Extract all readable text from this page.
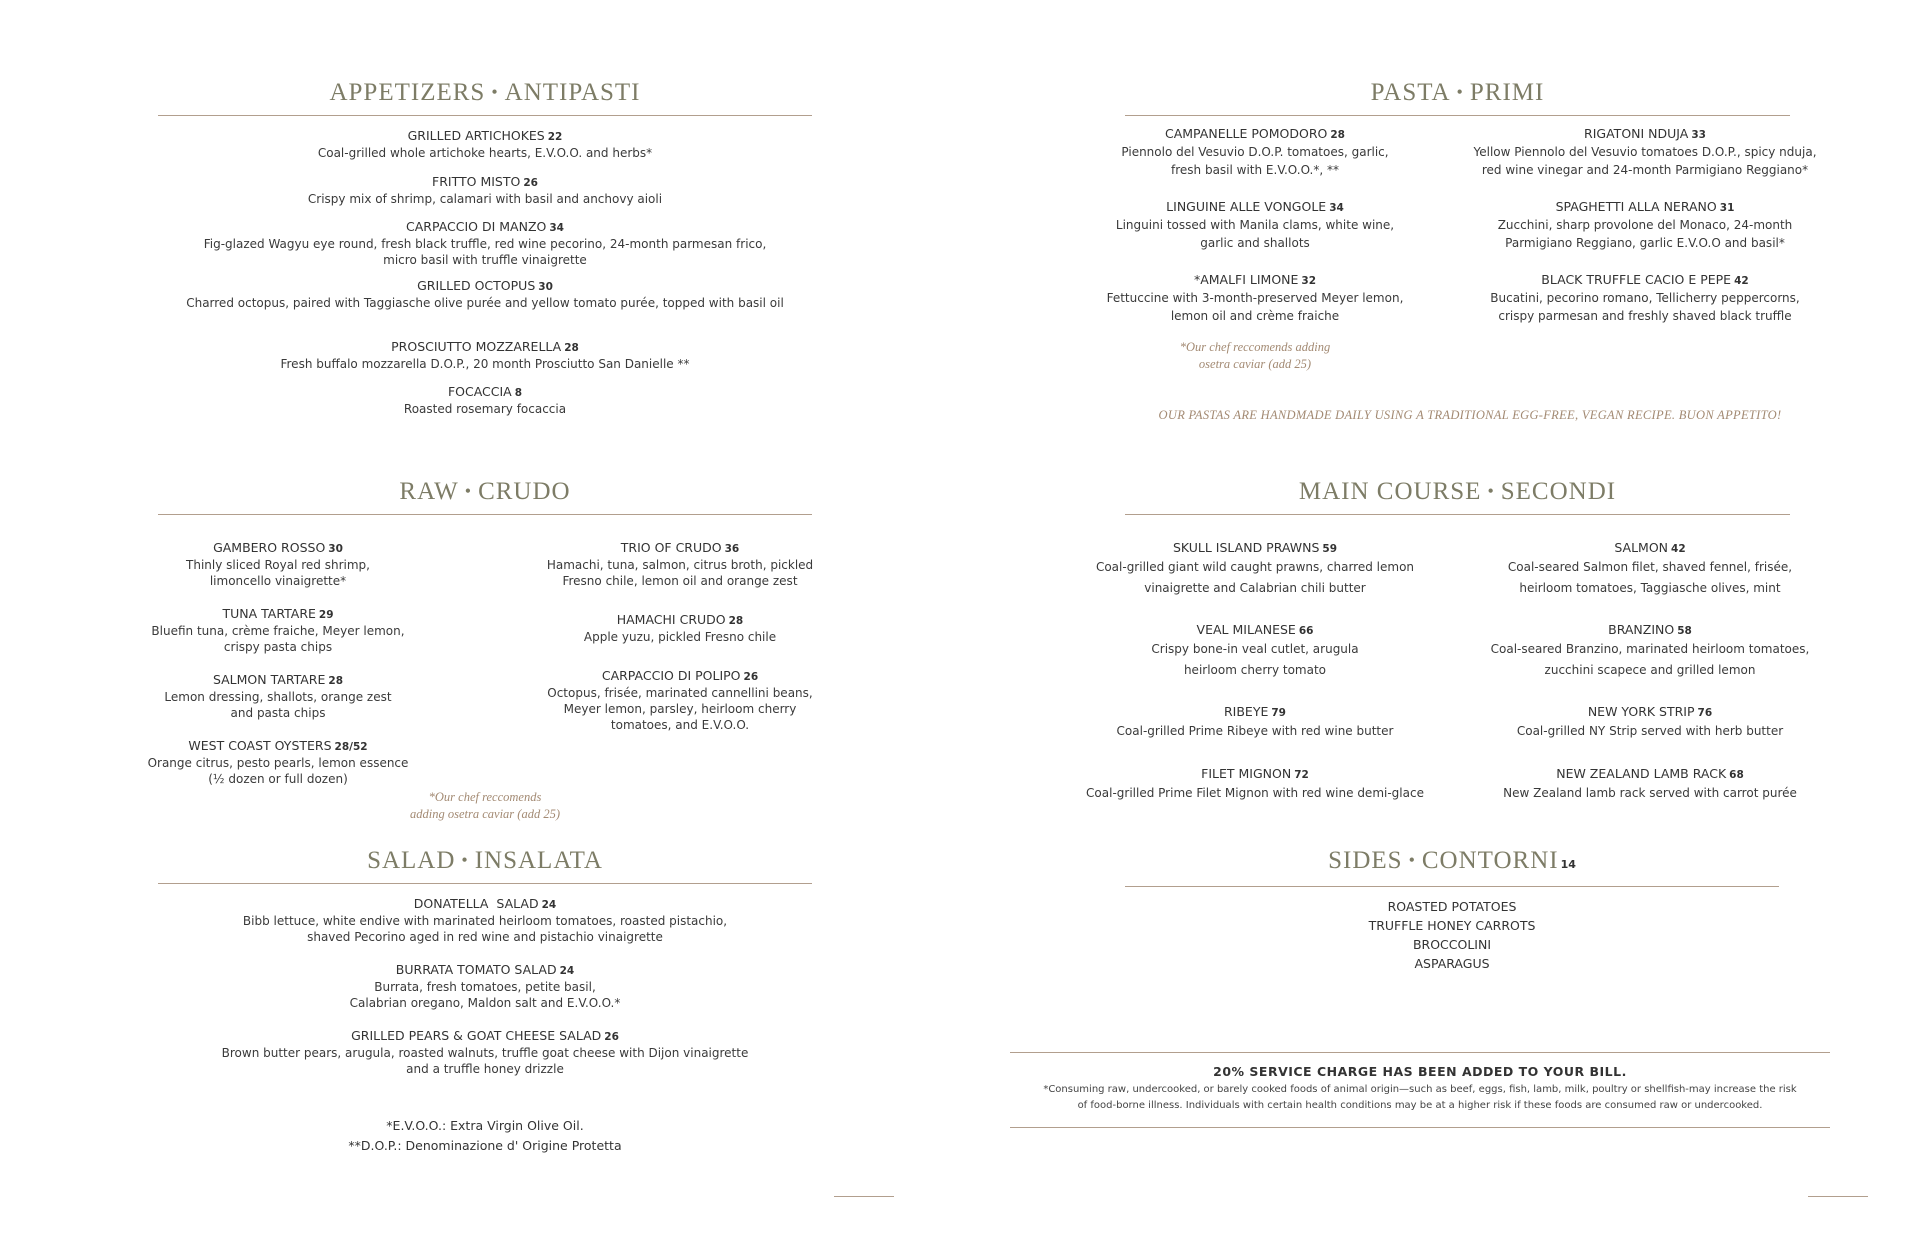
APPETIZERS • ANTIPASTI
GRILLED ARTICHOKES 22
Coal-grilled whole artichoke hearts, E.V.O.O. and herbs*
FRITTO MISTO 26
Crispy mix of shrimp, calamari with basil and anchovy aioli
CARPACCIO DI MANZO 34
Fig-glazed Wagyu eye round, fresh black truffle, red wine pecorino, 24-month parmesan frico,
micro basil with truffle vinaigrette
GRILLED OCTOPUS 30
Charred octopus, paired with Taggiasche olive purée and yellow tomato purée, topped with basil oil
PROSCIUTTO MOZZARELLA 28
Fresh buffalo mozzarella D.O.P., 20 month Prosciutto San Danielle **
FOCACCIA 8
Roasted rosemary focaccia
RAW • CRUDO
GAMBERO ROSSO 30
Thinly sliced Royal red shrimp,
limoncello vinaigrette*
TUNA TARTARE 29
Bluefin tuna, crème fraiche, Meyer lemon,
crispy pasta chips
SALMON TARTARE 28
Lemon dressing, shallots, orange zest
and pasta chips
WEST COAST OYSTERS 28/52
Orange citrus, pesto pearls, lemon essence
(½ dozen or full dozen)
*Our chef reccomends
adding osetra caviar (add 25)
TRIO OF CRUDO 36
Hamachi, tuna, salmon, citrus broth, pickled
Fresno chile, lemon oil and orange zest
HAMACHI CRUDO 28
Apple yuzu, pickled Fresno chile
CARPACCIO DI POLIPO 26
Octopus, frisée, marinated cannellini beans,
Meyer lemon, parsley, heirloom cherry
tomatoes, and E.V.O.O.
SALAD • INSALATA
DONATELLA  SALAD 24
Bibb lettuce, white endive with marinated heirloom tomatoes, roasted pistachio,
shaved Pecorino aged in red wine and pistachio vinaigrette
BURRATA TOMATO SALAD 24
Burrata, fresh tomatoes, petite basil,
Calabrian oregano, Maldon salt and E.V.O.O.*
GRILLED PEARS & GOAT CHEESE SALAD 26
Brown butter pears, arugula, roasted walnuts, truffle goat cheese with Dijon vinaigrette
and a truffle honey drizzle
*E.V.O.O.: Extra Virgin Olive Oil.
**D.O.P.: Denominazione d' Origine Protetta
PASTA • PRIMI
CAMPANELLE POMODORO 28
Piennolo del Vesuvio D.O.P. tomatoes, garlic,
fresh basil with E.V.O.O.*, **
LINGUINE ALLE VONGOLE 34
Linguini tossed with Manila clams, white wine,
garlic and shallots
*AMALFI LIMONE 32
Fettuccine with 3-month-preserved Meyer lemon,
lemon oil and crème fraiche
*Our chef reccomends adding
osetra caviar (add 25)
RIGATONI NDUJA 33
Yellow Piennolo del Vesuvio tomatoes D.O.P., spicy nduja,
red wine vinegar and 24-month Parmigiano Reggiano*
SPAGHETTI ALLA NERANO 31
Zucchini, sharp provolone del Monaco, 24-month
Parmigiano Reggiano, garlic E.V.O.O and basil*
BLACK TRUFFLE CACIO E PEPE 42
Bucatini, pecorino romano, Tellicherry peppercorns,
crispy parmesan and freshly shaved black truffle
OUR PASTAS ARE HANDMADE DAILY USING A TRADITIONAL EGG-FREE, VEGAN RECIPE. BUON APPETITO!
MAIN COURSE • SECONDI
SKULL ISLAND PRAWNS 59
Coal-grilled giant wild caught prawns, charred lemon
vinaigrette and Calabrian chili butter
VEAL MILANESE 66
Crispy bone-in veal cutlet, arugula
heirloom cherry tomato
RIBEYE 79
Coal-grilled Prime Ribeye with red wine butter
FILET MIGNON 72
Coal-grilled Prime Filet Mignon with red wine demi-glace
SALMON 42
Coal-seared Salmon filet, shaved fennel, frisée,
heirloom tomatoes, Taggiasche olives, mint
BRANZINO 58
Coal-seared Branzino, marinated heirloom tomatoes,
zucchini scapece and grilled lemon
NEW YORK STRIP 76
Coal-grilled NY Strip served with herb butter
NEW ZEALAND LAMB RACK 68
New Zealand lamb rack served with carrot purée
SIDES • CONTORNI 14
ROASTED POTATOES
TRUFFLE HONEY CARROTS
BROCCOLINI
ASPARAGUS
20% SERVICE CHARGE HAS BEEN ADDED TO YOUR BILL.
*Consuming raw, undercooked, or barely cooked foods of animal origin—such as beef, eggs, fish, lamb, milk, poultry or shellfish-may increase the risk
of food-borne illness. Individuals with certain health conditions may be at a higher risk if these foods are consumed raw or undercooked.
